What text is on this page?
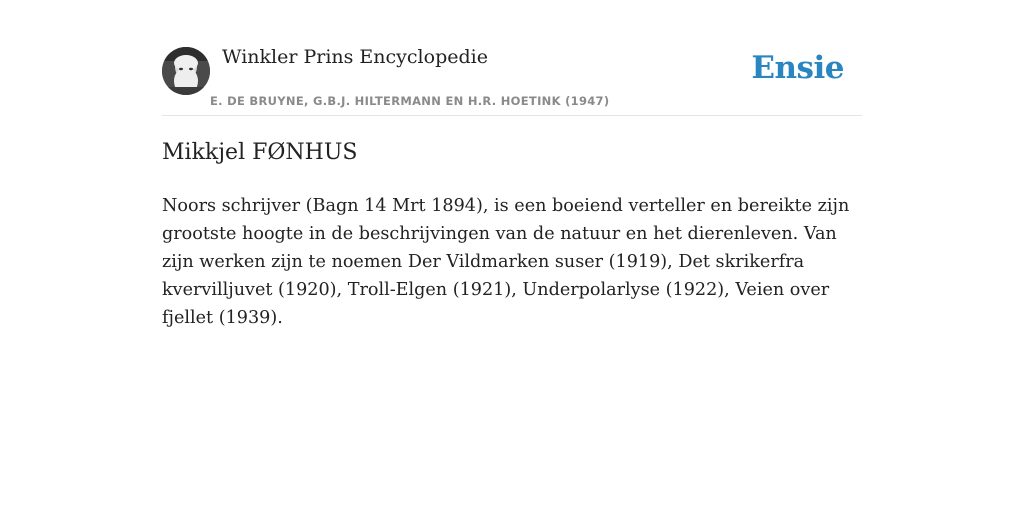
Winkler Prins Encyclopedie
E. DE BRUYNE, G.B.J. HILTERMANN EN H.R. HOETINK (1947)
Ensie
Mikkjel FØNHUS

Noors schrijver (Bagn 14 Mrt 1894), is een boeiend verteller en bereikte zijn grootste hoogte in de beschrijvingen van de natuur en het dierenleven. Van zijn werken zijn te noemen Der Vildmarken suser (1919), Det skrikerfra kvervilljuvet (1920), Troll-Elgen (1921), Underpolarlyse (1922), Veien over fjellet (1939).
